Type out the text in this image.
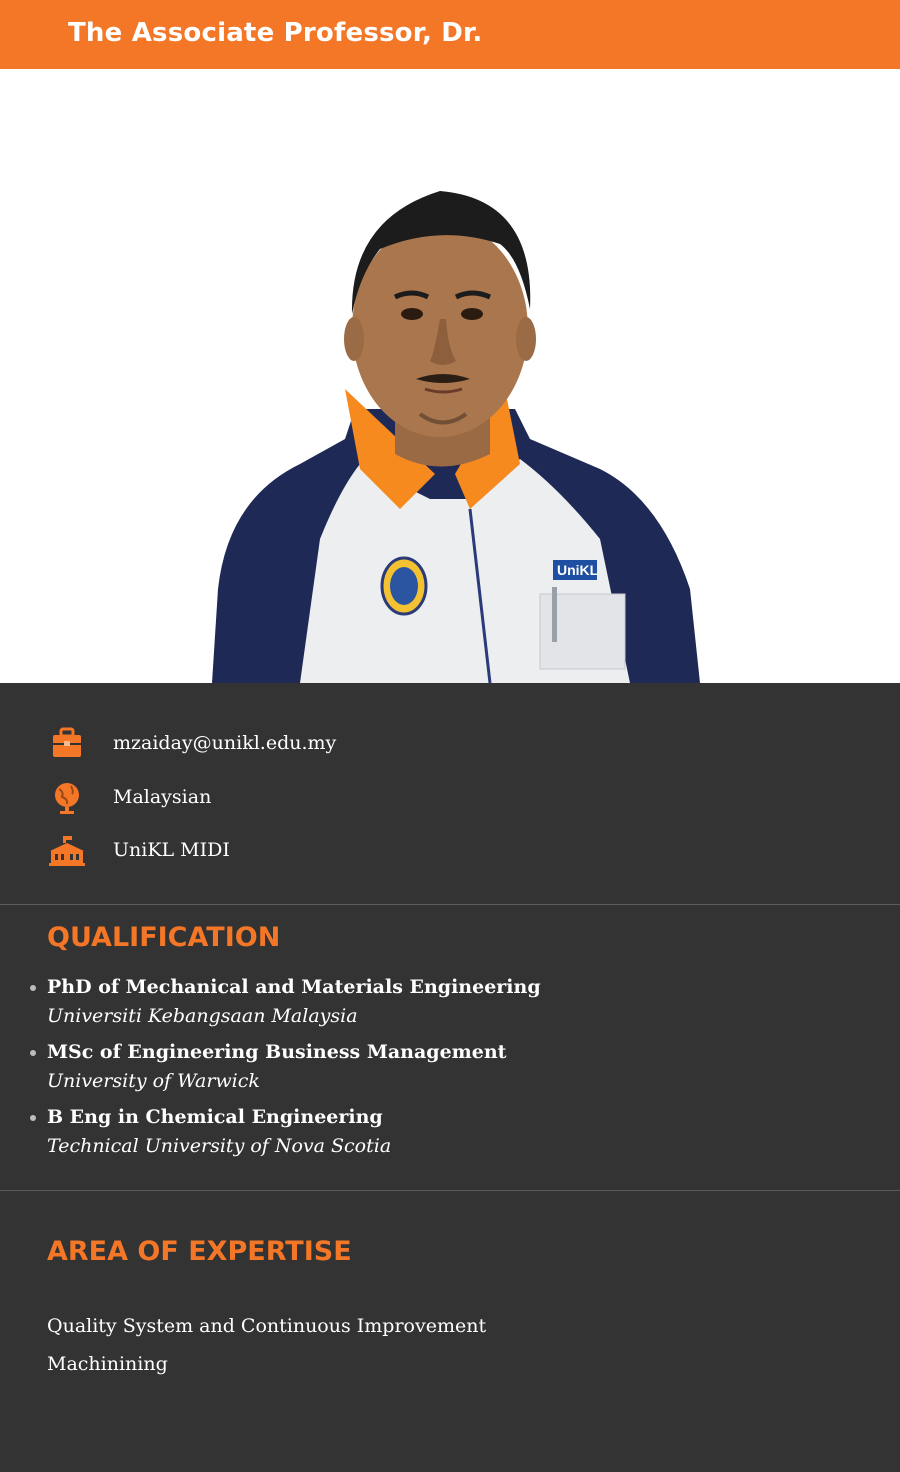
The Associate Professor, Dr.
UniKL
mzaiday@unikl.edu.my
Malaysian
UniKL MIDI
QUALIFICATION
PhD of Mechanical and Materials Engineering
Universiti Kebangsaan Malaysia
MSc of Engineering Business Management
University of Warwick
B Eng in Chemical Engineering
Technical University of Nova Scotia
AREA OF EXPERTISE
Quality System and Continuous Improvement
Machinining
